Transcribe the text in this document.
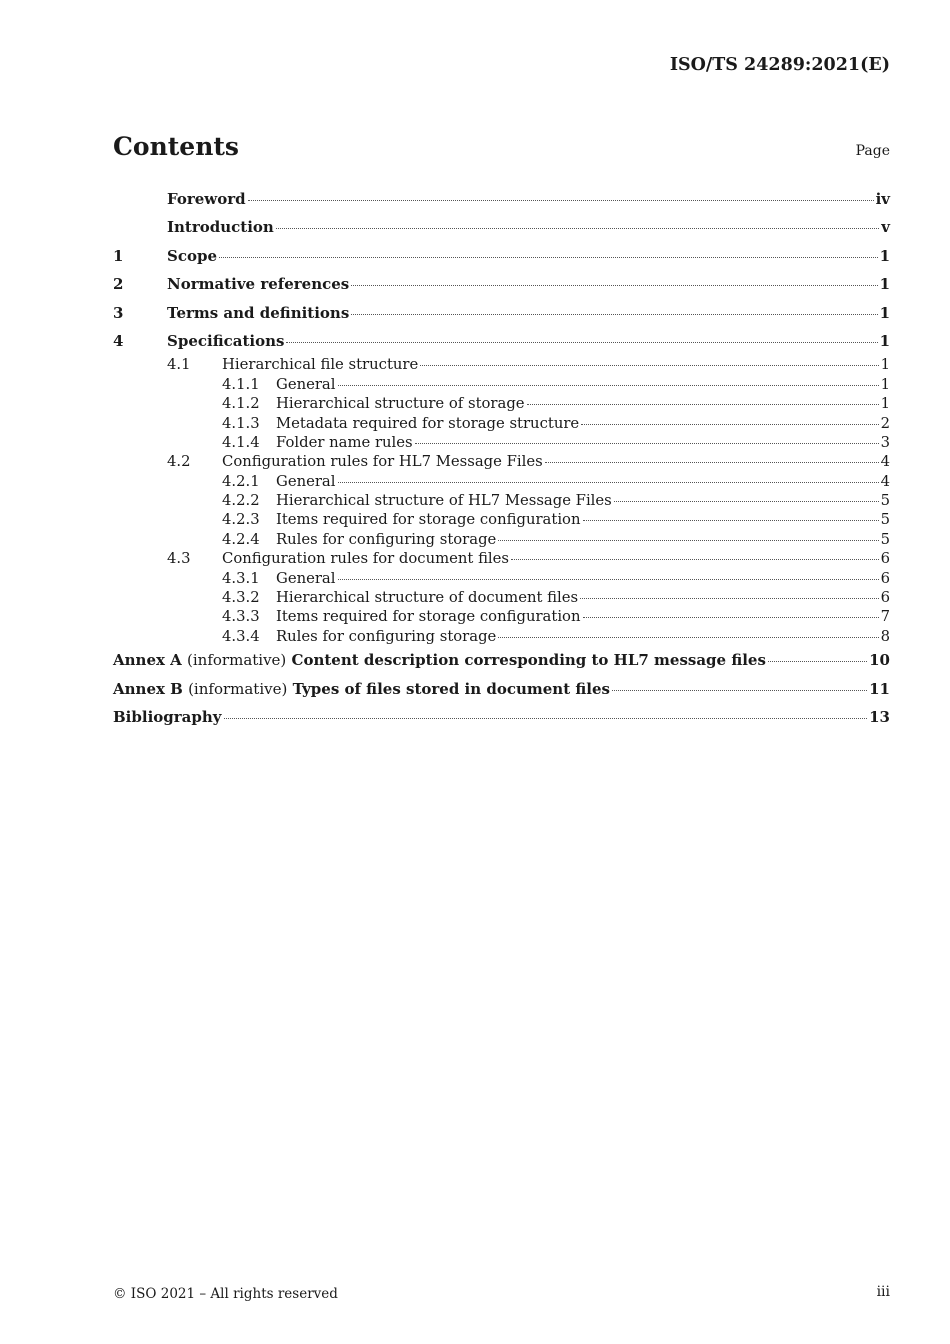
ISO/TS 24289:2021(E)
Contents	Page
Foreword	iv
Introduction	v
1	Scope	1
2	Normative references	1
3	Terms and definitions	1
4	Specifications	1
4.1	Hierarchical file structure	1
4.1.1	General	1
4.1.2	Hierarchical structure of storage	1
4.1.3	Metadata required for storage structure	2
4.1.4	Folder name rules	3
4.2	Configuration rules for HL7 Message Files	4
4.2.1	General	4
4.2.2	Hierarchical structure of HL7 Message Files	5
4.2.3	Items required for storage configuration	5
4.2.4	Rules for configuring storage	5
4.3	Configuration rules for document files	6
4.3.1	General	6
4.3.2	Hierarchical structure of document files	6
4.3.3	Items required for storage configuration	7
4.3.4	Rules for configuring storage	8
Annex A (informative) Content description corresponding to HL7 message files	10
Annex B (informative) Types of files stored in document files	11
Bibliography	13
© ISO 2021 – All rights reserved	iii
